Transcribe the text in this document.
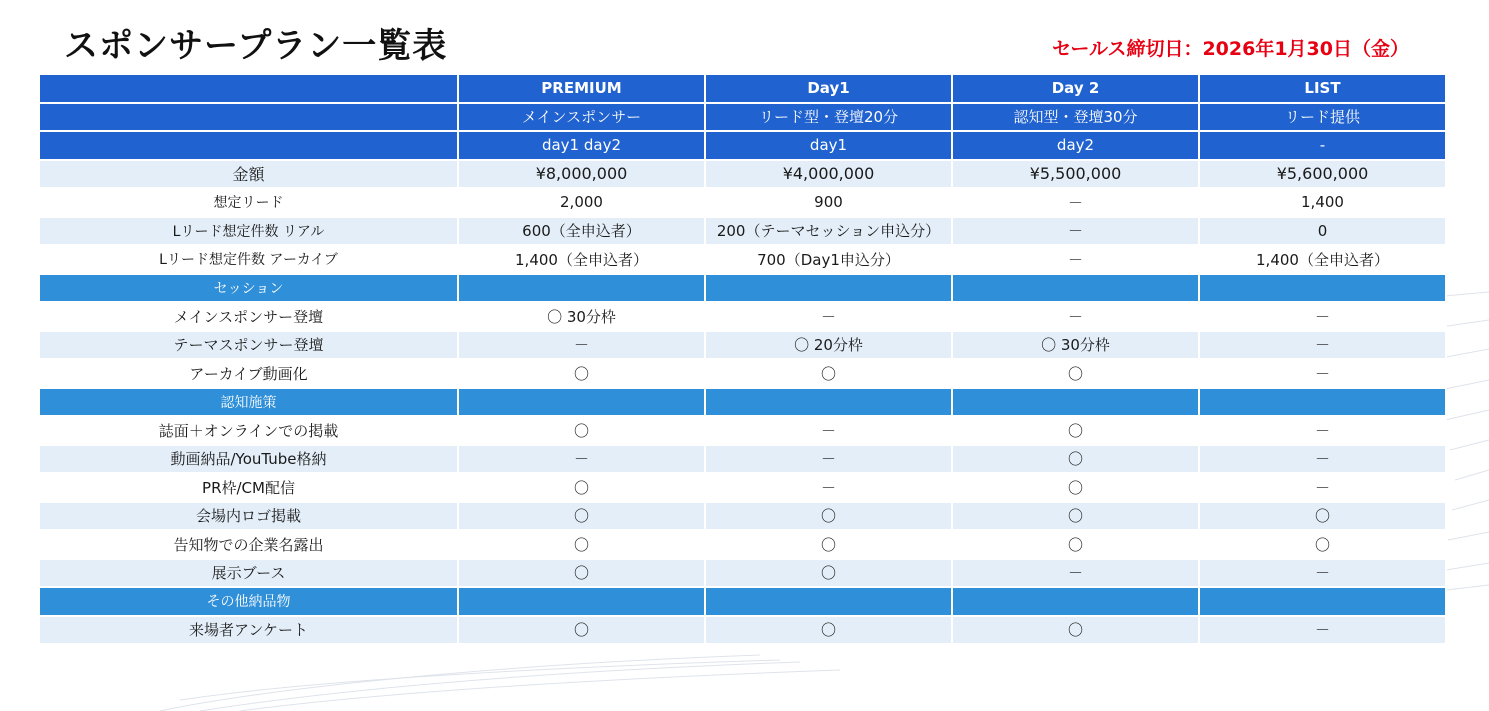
スポンサープラン一覧表	セールス締切日：2026年1月30日（金）
	PREMIUM	Day1	Day 2	LIST
	メインスポンサー	リード型・登壇20分	認知型・登壇30分	リード提供
	day1 day2	day1	day2	-
金額	¥8,000,000	¥4,000,000	¥5,500,000	¥5,600,000
想定リード	2,000	900	－	1,400
Lリード想定件数 リアル	600（全申込者）	200（テーマセッション申込分）	－	0
Lリード想定件数 アーカイブ	1,400（全申込者）	700（Day1申込分）	－	1,400（全申込者）
セッション				
メインスポンサー登壇	〇 30分枠	－	－	－
テーマスポンサー登壇	－	〇 20分枠	〇 30分枠	－
アーカイブ動画化	〇	〇	〇	－
認知施策				
誌面＋オンラインでの掲載	〇	－	〇	－
動画納品/YouTube格納	－	－	〇	－
PR枠/CM配信	〇	－	〇	－
会場内ロゴ掲載	〇	〇	〇	〇
告知物での企業名露出	〇	〇	〇	〇
展示ブース	〇	〇	－	－
その他納品物				
来場者アンケート	〇	〇	〇	－
